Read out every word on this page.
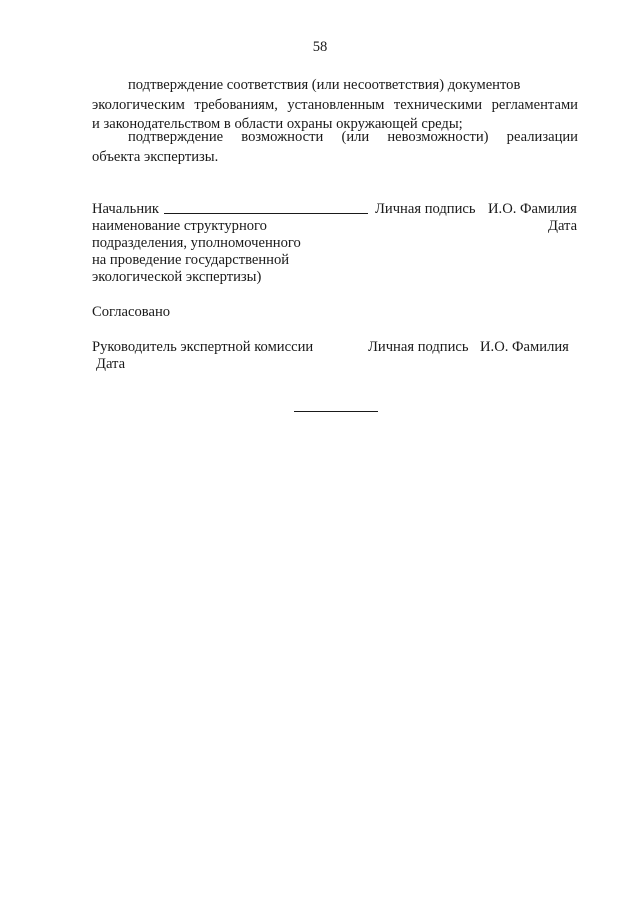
58
подтверждение соответствия (или несоответствия) документов
экологическим требованиям, установленным техническими регламентами
и законодательством в области охраны окружающей среды;
подтверждение возможности (или невозможности) реализации
объекта экспертизы.
Начальник	Личная подпись И.О. Фамилия
Дата
наименование структурного
подразделения, уполномоченного
на проведение государственной
экологической экспертизы)
Согласовано
Руководитель экспертной комиссии	Личная подпись И.О. Фамилия
Дата
